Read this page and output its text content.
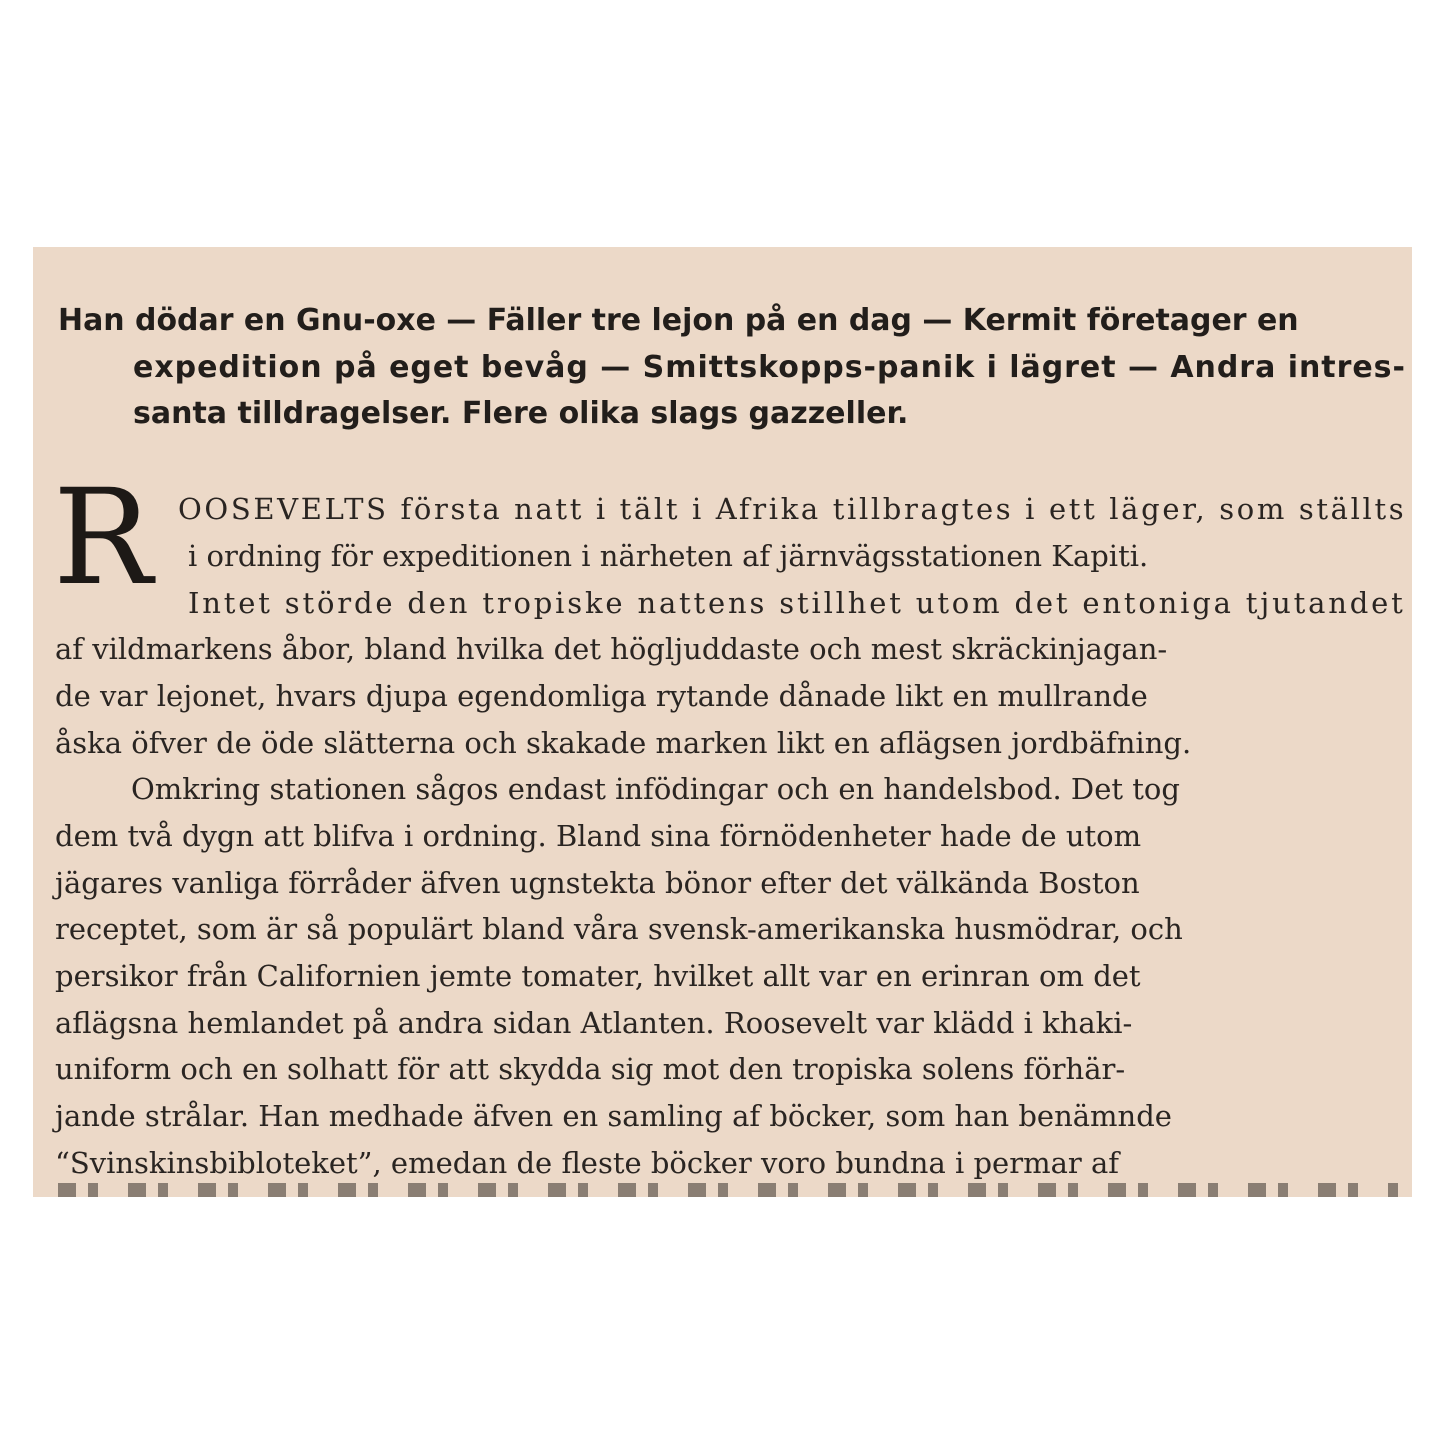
Han dödar en Gnu-oxe — Fäller tre lejon på en dag — Kermit företager en

expedition på eget bevåg — Smittskopps-panik i lägret — Andra intres-

santa tilldragelser. Flere olika slags gazzeller.

R OOSEVELTS första natt i tält i Afrika tillbragtes i ett läger, som ställts

i ordning för expeditionen i närheten af järnvägsstationen Kapiti.

Intet störde den tropiske nattens stillhet utom det entoniga tjutandet

af vildmarkens åbor, bland hvilka det högljuddaste och mest skräckinjagan-

de var lejonet, hvars djupa egendomliga rytande dånade likt en mullrande

åska öfver de öde slätterna och skakade marken likt en aflägsen jordbäfning.

Omkring stationen sågos endast infödingar och en handelsbod. Det tog

dem två dygn att blifva i ordning. Bland sina förnödenheter hade de utom

jägares vanliga förråder äfven ugnstekta bönor efter det välkända Boston

receptet, som är så populärt bland våra svensk-amerikanska husmödrar, och

persikor från Californien jemte tomater, hvilket allt var en erinran om det

aflägsna hemlandet på andra sidan Atlanten. Roosevelt var klädd i khaki-

uniform och en solhatt för att skydda sig mot den tropiska solens förhär-

jande strålar. Han medhade äfven en samling af böcker, som han benämnde

“Svinskinsbibloteket”, emedan de fleste böcker voro bundna i permar af
